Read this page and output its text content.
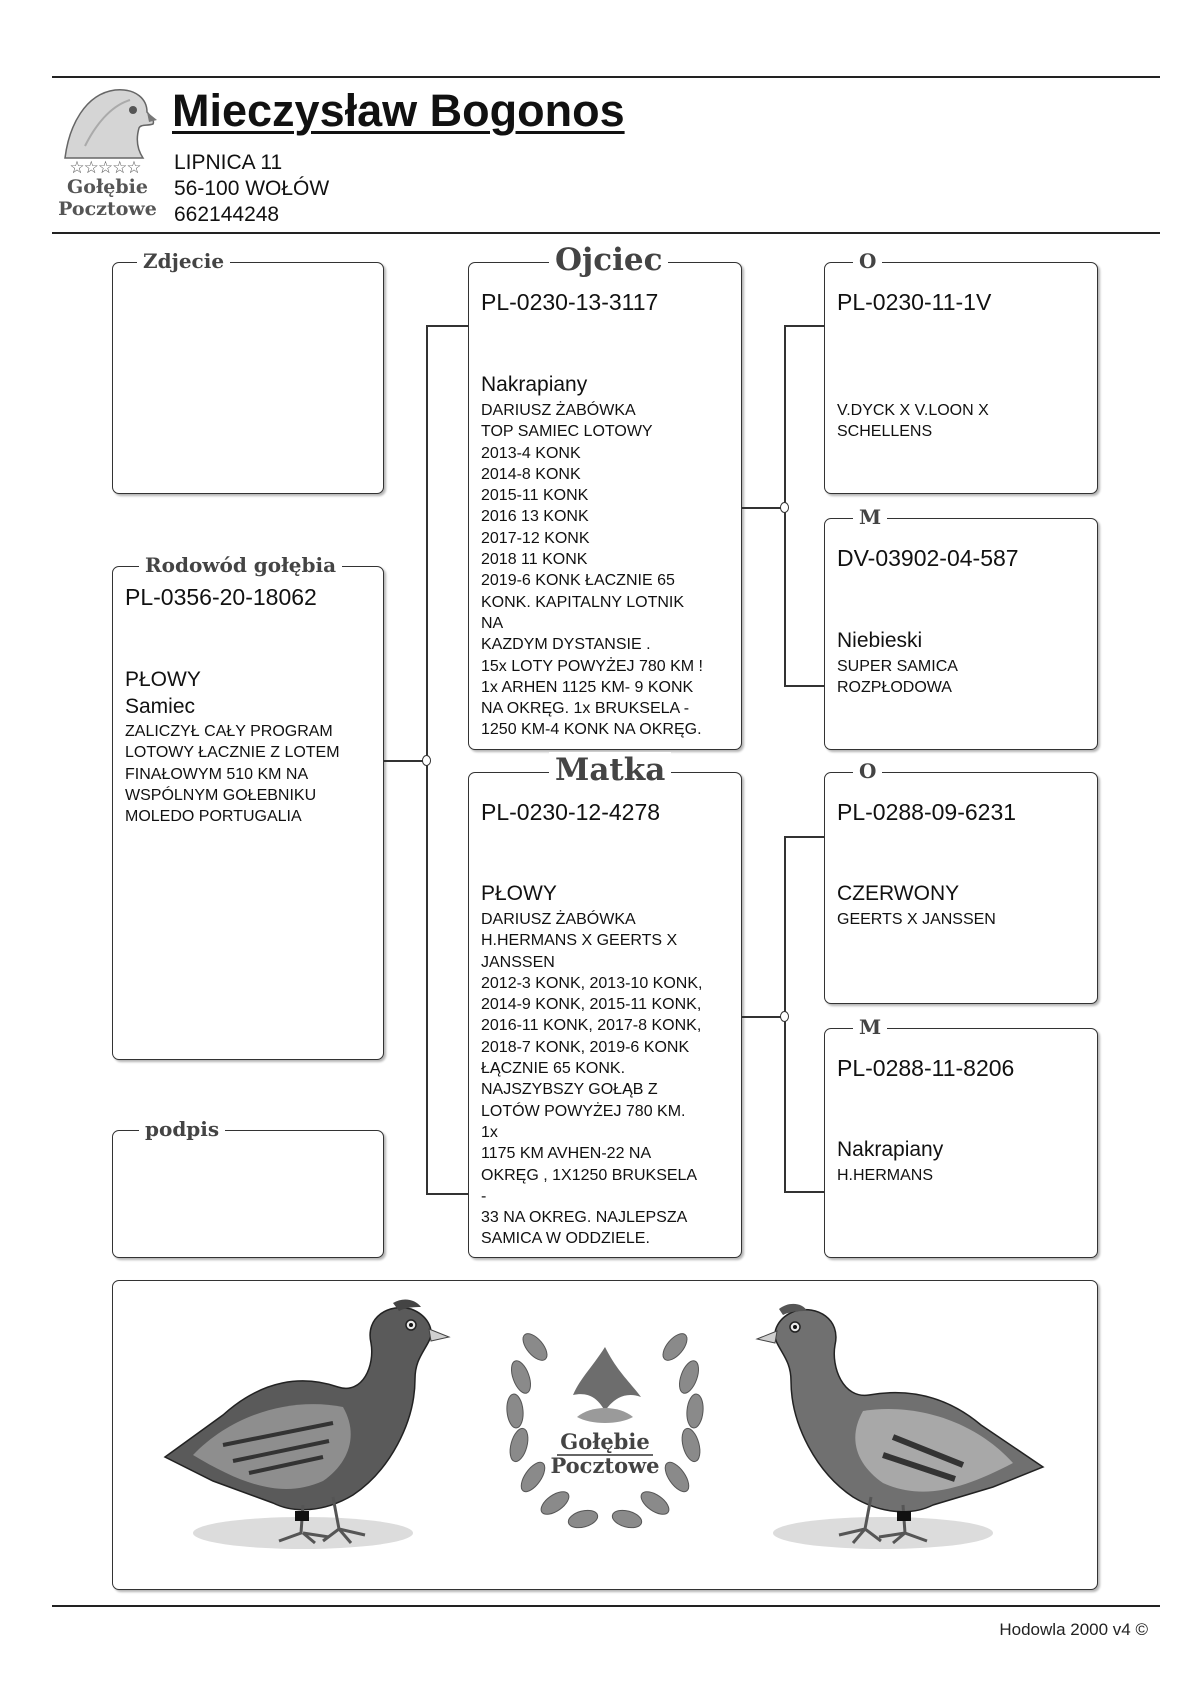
☆☆☆☆☆
Gołębie
Pocztowe
Mieczysław Bogonos
LIPNICA 11
56-100 WOŁÓW
662144248
Zdjecie
Rodowód gołębia
PL-0356-20-18062
PŁOWY
Samiec
ZALICZYŁ CAŁY PROGRAM
LOTOWY ŁACZNIE Z LOTEM
FINAŁOWYM 510 KM NA
WSPÓLNYM GOŁEBNIKU
MOLEDO PORTUGALIA
podpis
Ojciec
PL-0230-13-3117
Nakrapiany
DARIUSZ ŻABÓWKA
TOP SAMIEC LOTOWY
2013-4 KONK
2014-8 KONK
2015-11 KONK
2016 13 KONK
2017-12 KONK
2018 11 KONK
2019-6 KONK ŁACZNIE 65
KONK. KAPITALNY LOTNIK
NA
KAZDYM DYSTANSIE .
15x LOTY POWYŻEJ 780 KM !
1x ARHEN 1125 KM- 9 KONK
NA OKRĘG. 1x BRUKSELA -
1250 KM-4 KONK NA OKRĘG.
Matka
PL-0230-12-4278
PŁOWY
DARIUSZ ŻABÓWKA
H.HERMANS X GEERTS X
JANSSEN
2012-3 KONK, 2013-10 KONK,
2014-9 KONK, 2015-11 KONK,
2016-11 KONK, 2017-8 KONK,
2018-7 KONK, 2019-6 KONK
ŁĄCZNIE 65 KONK.
NAJSZYBSZY GOŁĄB Z
LOTÓW POWYŻEJ 780 KM.
1x
1175 KM AVHEN-22 NA
OKRĘG , 1X1250 BRUKSELA
-
33 NA OKREG. NAJLEPSZA
SAMICA W ODDZIELE.
O
PL-0230-11-1V
V.DYCK X V.LOON X
SCHELLENS
M
DV-03902-04-587
Niebieski
SUPER SAMICA
ROZPŁODOWA
O
PL-0288-09-6231
CZERWONY
GEERTS X JANSSEN
M
PL-0288-11-8206
Nakrapiany
H.HERMANS
Gołębie
Pocztowe
Hodowla 2000 v4 ©
